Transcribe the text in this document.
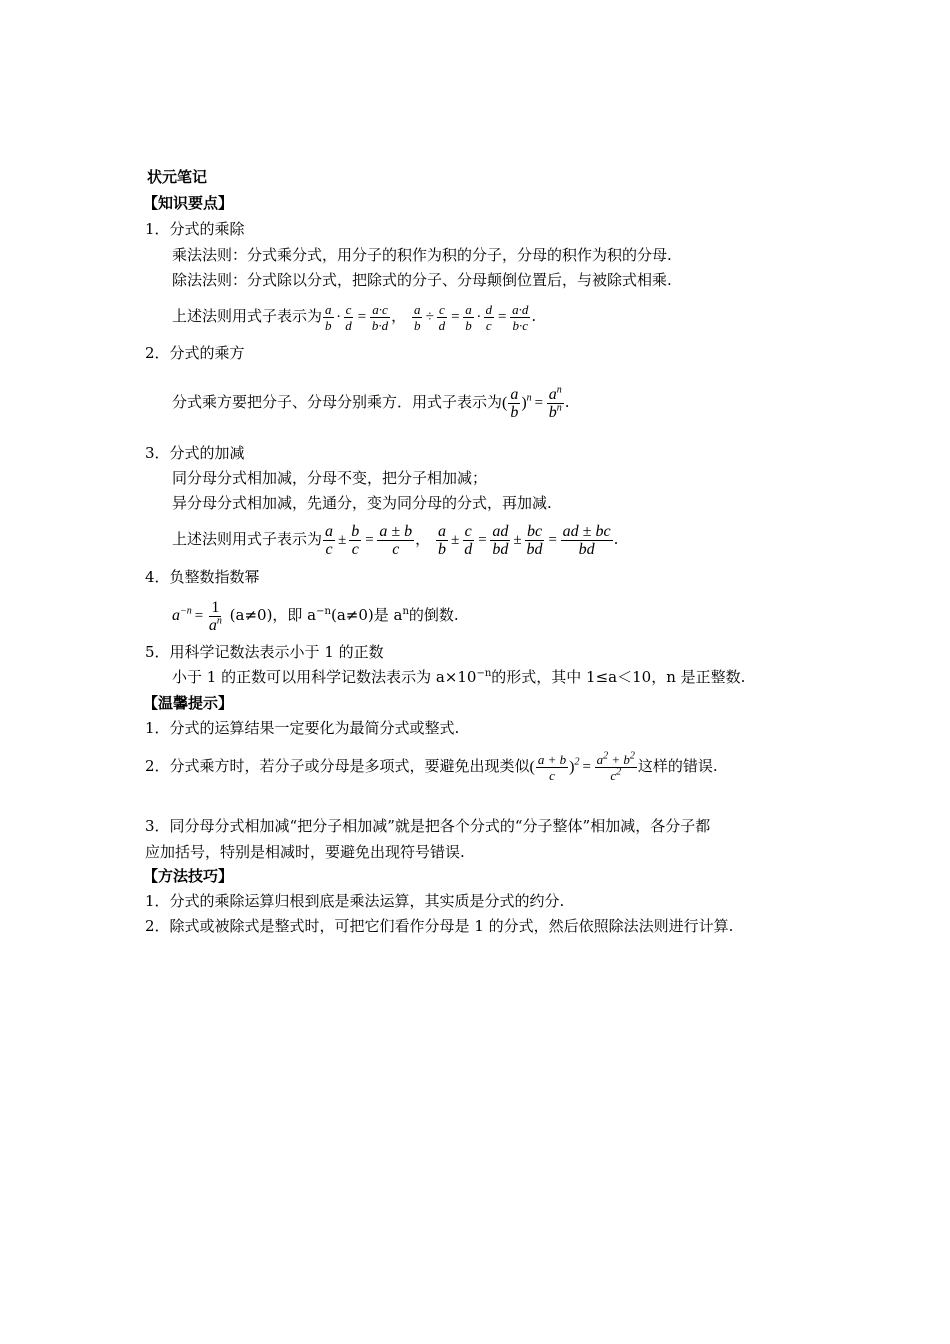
状元笔记
【知识要点】
1．分式的乘除
乘法法则：分式乘分式，用分子的积作为积的分子，分母的积作为积的分母.
除法法则：分式除以分式，把除式的分子、分母颠倒位置后，与被除式相乘.
上述法则用式子表示为 $\frac{a}{b} \cdot \frac{c}{d} = \frac{a\cdot c}{b\cdot d}$ ， $\frac{a}{b} \div \frac{c}{d} = \frac{a}{b} \cdot \frac{d}{c} = \frac{a\cdot d}{b\cdot c}$ .
2．分式的乘方
分式乘方要把分子、分母分别乘方．用式子表示为( $\frac{a}{b} )^n = \frac{a^n}{b^n}$ .
3．分式的加减
同分母分式相加减，分母不变，把分子相加减；
异分母分式相加减，先通分，变为同分母的分式，再加减.
上述法则用式子表示为 $\frac{a}{c} \pm \frac{b}{c} = \frac{a \pm b}{c}$ ， $\frac{a}{b} \pm \frac{c}{d} = \frac{ad}{bd} \pm \frac{bc}{bd} = \frac{ad \pm bc}{bd}$ .
4．负整数指数幂
$a^{-n} = \frac{1}{a^n} (a\ne 0)$，即 $a^{-n}(a\ne 0)$是 $a^n$的倒数.
5．用科学记数法表示小于 1 的正数
小于 1 的正数可以用科学记数法表示为 $a\times 10^{-n}$的形式，其中 1≤a＜10，n 是正整数.
【温馨提示】
1．分式的运算结果一定要化为最简分式或整式.
2．分式乘方时，若分子或分母是多项式，要避免出现类似( $\frac{a + b}{c} )^2 = \frac{a^2 + b^2}{c^2}$ 这样的错误.
3．同分母分式相加减“把分子相加减”就是把各个分式的“分子整体”相加减，各分子都
应加括号，特别是相减时，要避免出现符号错误.
【方法技巧】
1．分式的乘除运算归根到底是乘法运算，其实质是分式的约分.
2．除式或被除式是整式时，可把它们看作分母是 1 的分式，然后依照除法法则进行计算.
